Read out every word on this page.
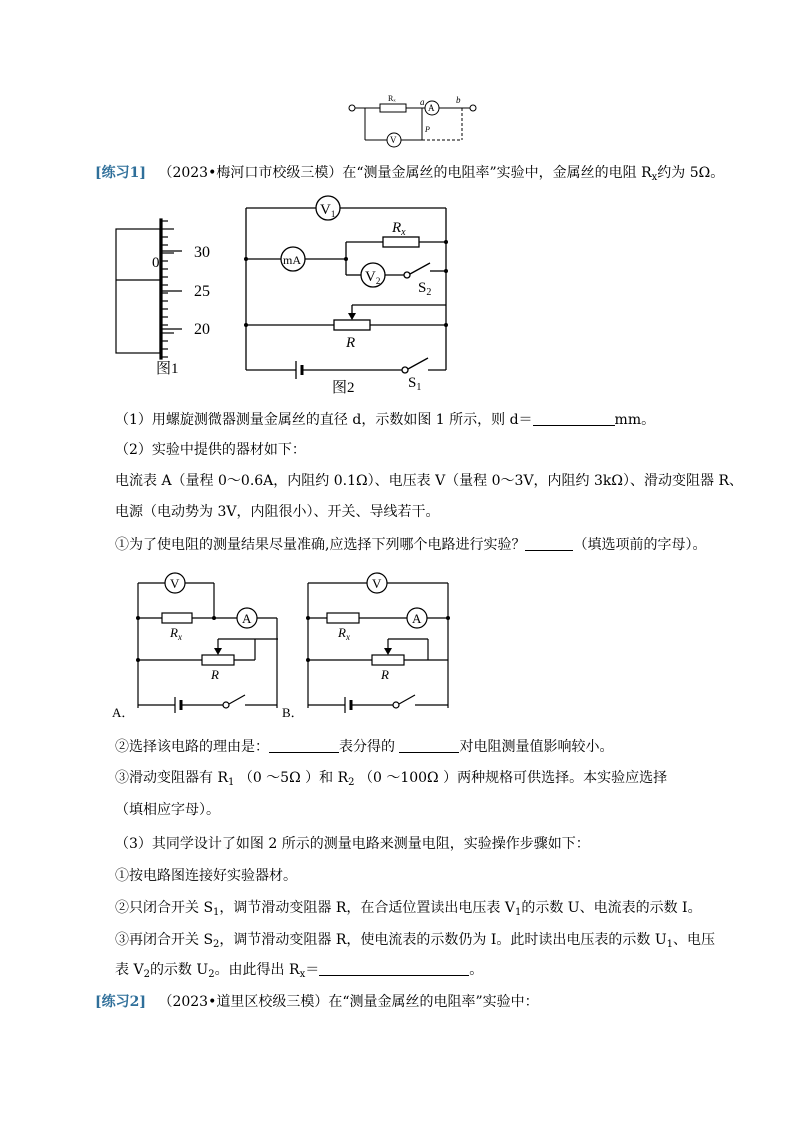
Rₓ	a	b
A
V
P
[练习1] （2023•梅河口市校级三模）在“测量金属丝的电阻率”实验中，金属丝的电阻 $R_x$约为 5Ω。
30
25
20
0
图1
$V_1$
mA
$R_x$
$V_2$	$S_2$
R
$S_1$
图2
（1）用螺旋测微器测量金属丝的直径 d，示数如图 1 所示，则 d＝	mm。
（2）实验中提供的器材如下：
电流表 A（量程 0～0.6A，内阻约 0.1Ω）、电压表 V（量程 0～3V，内阻约 3kΩ）、滑动变阻器 R、
电源（电动势为 3V，内阻很小）、开关、导线若干。
①为了使电阻的测量结果尽量准确,应选择下列哪个电路进行实验？	（填选项前的字母）。
V
A
$R_x$
R
A．
V
A
$R_x$
R
B．
②选择该电路的理由是：	表分得的	对电阻测量值影响较小。
③滑动变阻器有 $R_1$ （0 ～5Ω ）和 $R_2$ （0 ～100Ω ）两种规格可供选择。本实验应选择
（填相应字母）。
（3）其同学设计了如图 2 所示的测量电路来测量电阻，实验操作步骤如下：
①按电路图连接好实验器材。
②只闭合开关 $S_1$，调节滑动变阻器 R，在合适位置读出电压表 $V_1$的示数 U、电流表的示数 I。
③再闭合开关 $S_2$，调节滑动变阻器 R，使电流表的示数仍为 I。此时读出电压表的示数 $U_1$、电压
表 $V_2$的示数 $U_2$。由此得出 $R_x=$	。
[练习2] （2023•道里区校级三模）在“测量金属丝的电阻率”实验中：
